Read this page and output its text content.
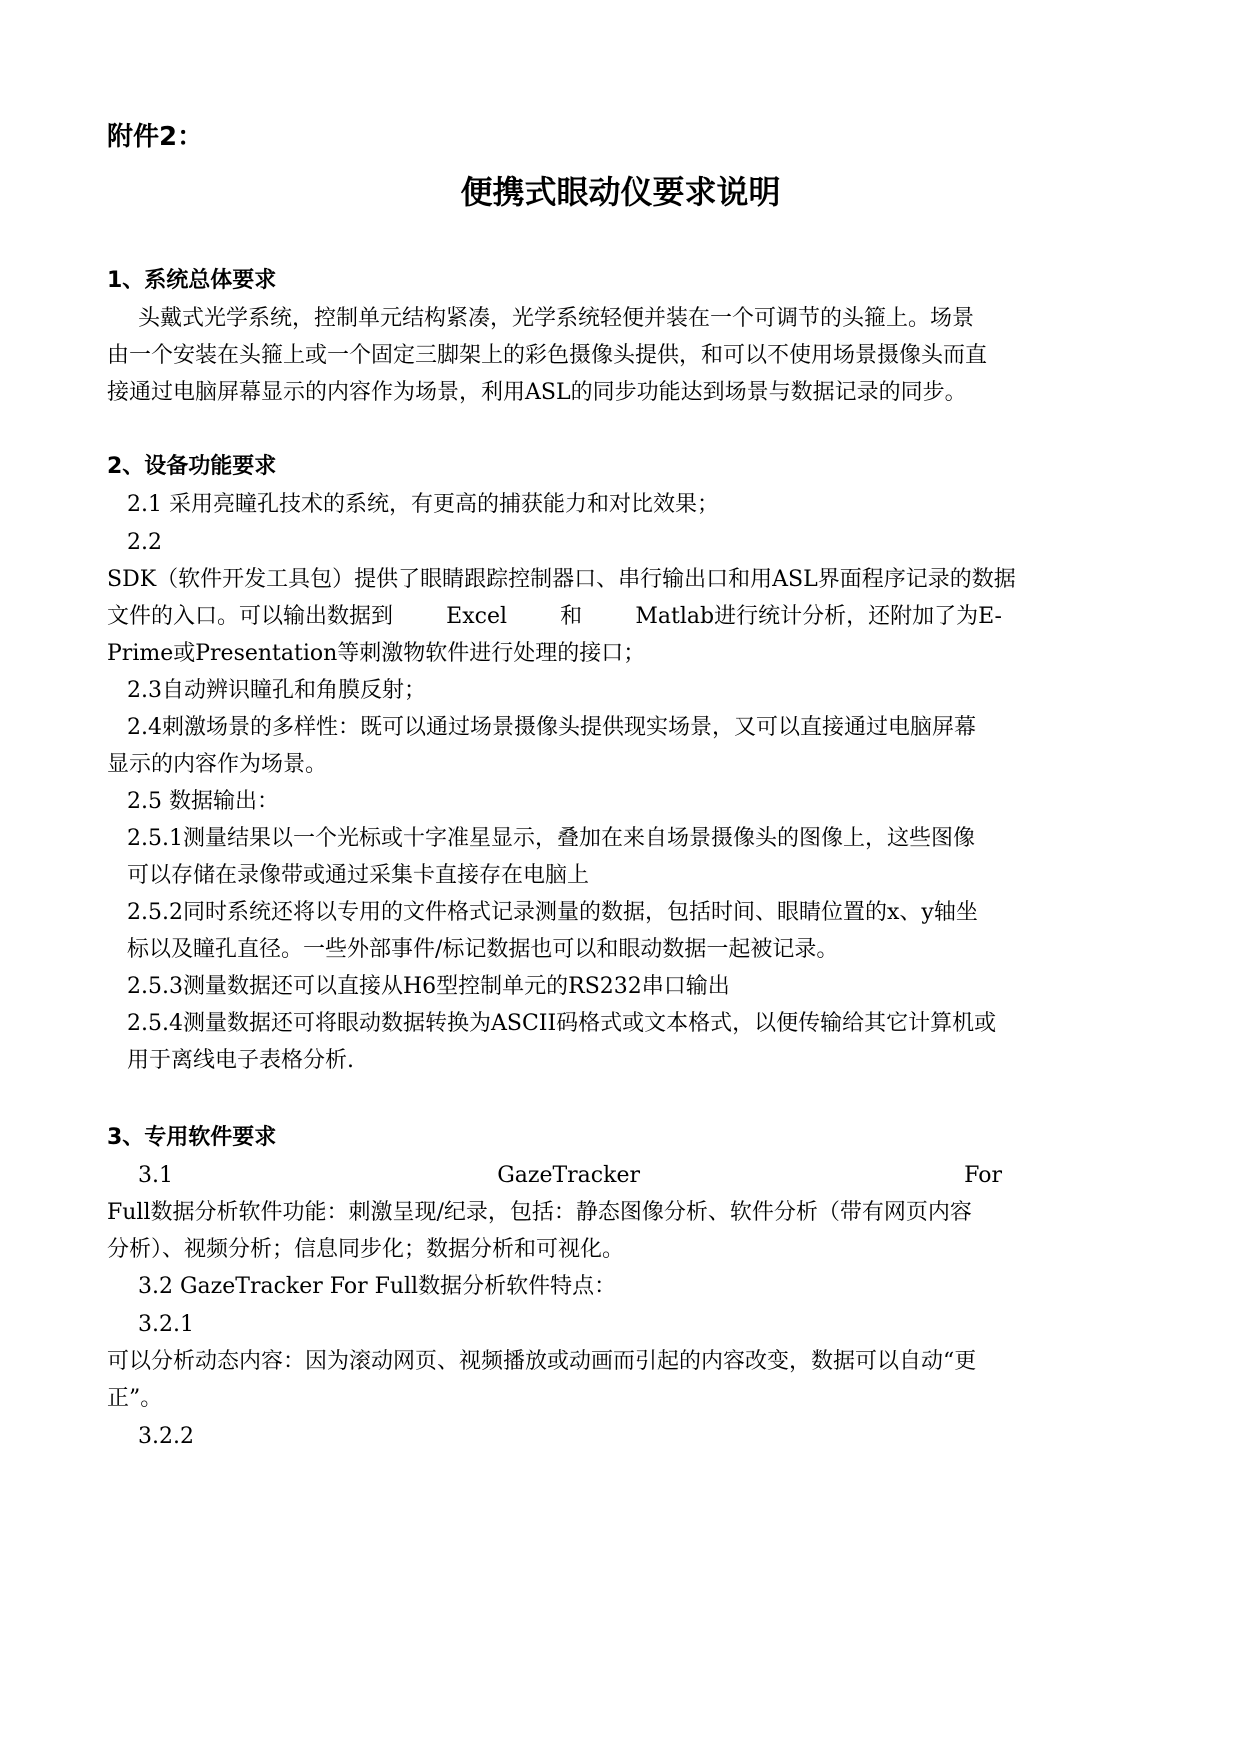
附件2：
便携式眼动仪要求说明
1、系统总体要求
头戴式光学系统，控制单元结构紧凑，光学系统轻便并装在一个可调节的头箍上。场景
由一个安装在头箍上或一个固定三脚架上的彩色摄像头提供，和可以不使用场景摄像头而直
接通过电脑屏幕显示的内容作为场景，利用ASL的同步功能达到场景与数据记录的同步。
2、设备功能要求
2.1 采用亮瞳孔技术的系统，有更高的捕获能力和对比效果；
2.2
SDK（软件开发工具包）提供了眼睛跟踪控制器口、串行输出口和用ASL界面程序记录的数据
文件的入口。可以输出数据到 Excel 和 Matlab进行统计分析，还附加了为E-
Prime或Presentation等刺激物软件进行处理的接口；
2.3自动辨识瞳孔和角膜反射；
2.4刺激场景的多样性：既可以通过场景摄像头提供现实场景，又可以直接通过电脑屏幕
显示的内容作为场景。
2.5 数据输出：
2.5.1测量结果以一个光标或十字准星显示，叠加在来自场景摄像头的图像上，这些图像
可以存储在录像带或通过采集卡直接存在电脑上
2.5.2同时系统还将以专用的文件格式记录测量的数据，包括时间、眼睛位置的x、y轴坐
标以及瞳孔直径。一些外部事件/标记数据也可以和眼动数据一起被记录。
2.5.3测量数据还可以直接从H6型控制单元的RS232串口输出
2.5.4测量数据还可将眼动数据转换为ASCII码格式或文本格式，以便传输给其它计算机或
用于离线电子表格分析.
3、专用软件要求
3.1	GazeTracker	For
Full数据分析软件功能：刺激呈现/纪录，包括：静态图像分析、软件分析（带有网页内容
分析）、视频分析；信息同步化；数据分析和可视化。
3.2 GazeTracker For Full数据分析软件特点：
3.2.1
可以分析动态内容：因为滚动网页、视频播放或动画而引起的内容改变，数据可以自动“更
正”。
3.2.2
